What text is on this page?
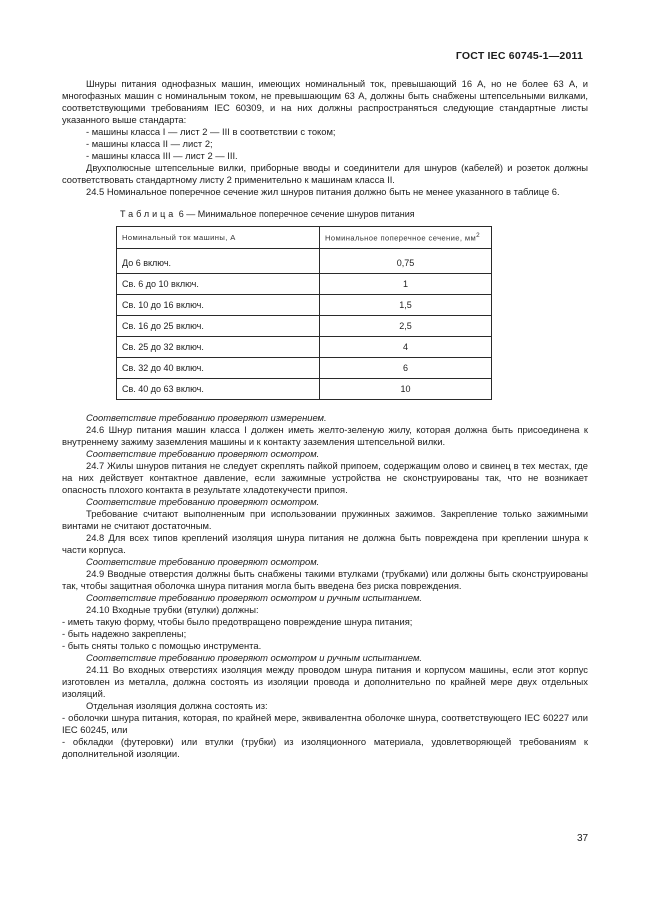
ГОСТ IEC 60745-1—2011

Шнуры питания однофазных машин, имеющих номинальный ток, превышающий 16 А, но не более 63 А, и многофазных машин с номинальным током, не превышающим 63 А, должны быть снабжены штепсельными вилками, соответствующими требованиям IEC 60309, и на них должны распространяться следующие стандартные листы указанного выше стандарта:

- машины класса I — лист 2 — III в соответствии с током;

- машины класса II — лист 2;

- машины класса III — лист 2 — III.

Двухполюсные штепсельные вилки, приборные вводы и соединители для шнуров (кабелей) и розеток должны соответствовать стандартному листу 2 применительно к машинам класса II.

24.5 Номинальное поперечное сечение жил шнуров питания должно быть не менее указанного в таблице 6.

Таблица 6 — Минимальное поперечное сечение шнуров питания

Номинальный ток машины, А	Номинальное поперечное сечение, $мм^2$
До 6 включ.	0,75
Св. 6 до 10 включ.	1
Св. 10 до 16 включ.	1,5
Св. 16 до 25 включ.	2,5
Св. 25 до 32 включ.	4
Св. 32 до 40 включ.	6
Св. 40 до 63 включ.	10

Соответствие требованию проверяют измерением.

24.6 Шнур питания машин класса I должен иметь желто-зеленую жилу, которая должна быть присоединена к внутреннему зажиму заземления машины и к контакту заземления штепсельной вилки.

Соответствие требованию проверяют осмотром.

24.7 Жилы шнуров питания не следует скреплять пайкой припоем, содержащим олово и свинец в тех местах, где на них действует контактное давление, если зажимные устройства не сконструированы так, что не возникает опасность плохого контакта в результате хладотекучести припоя.

Соответствие требованию проверяют осмотром.

Требование считают выполненным при использовании пружинных зажимов. Закрепление только зажимными винтами не считают достаточным.

24.8 Для всех типов креплений изоляция шнура питания не должна быть повреждена при креплении шнура к части корпуса.

Соответствие требованию проверяют осмотром.

24.9 Вводные отверстия должны быть снабжены такими втулками (трубками) или должны быть сконструированы так, чтобы защитная оболочка шнура питания могла быть введена без риска повреждения.

Соответствие требованию проверяют осмотром и ручным испытанием.

24.10 Входные трубки (втулки) должны:

- иметь такую форму, чтобы было предотвращено повреждение шнура питания;

- быть надежно закреплены;

- быть сняты только с помощью инструмента.

Соответствие требованию проверяют осмотром и ручным испытанием.

24.11 Во входных отверстиях изоляция между проводом шнура питания и корпусом машины, если этот корпус изготовлен из металла, должна состоять из изоляции провода и дополнительно по крайней мере двух отдельных изоляций.

Отдельная изоляция должна состоять из:

- оболочки шнура питания, которая, по крайней мере, эквивалентна оболочке шнура, соответствующего IEC 60227 или IEC 60245, или

- обкладки (футеровки) или втулки (трубки) из изоляционного материала, удовлетворяющей требованиям к дополнительной изоляции.

37
